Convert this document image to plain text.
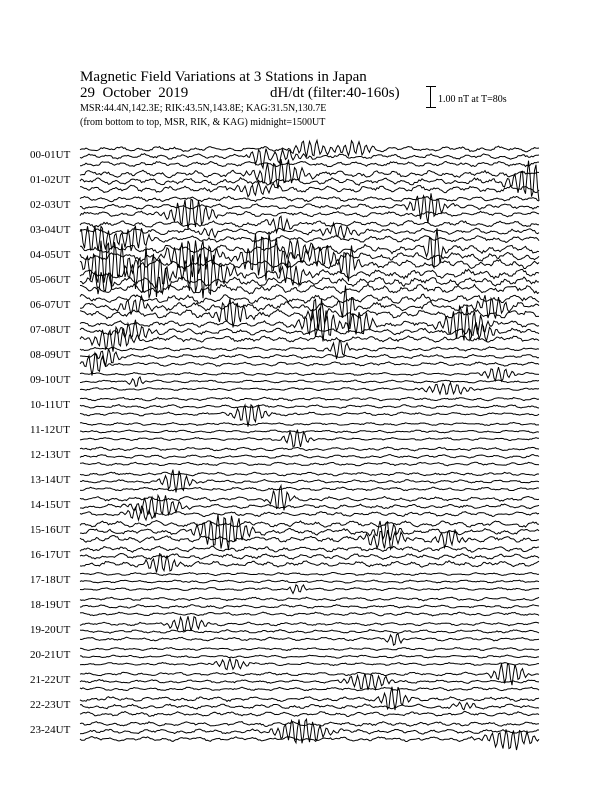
Magnetic Field Variations at 3 Stations in Japan
29  October  2019	dH/dt (filter:40-160s)
MSR:44.4N,142.3E; RIK:43.5N,143.8E; KAG:31.5N,130.7E
(from bottom to top, MSR, RIK, & KAG) midnight=1500UT
1.00 nT at T=80s
00-01UT
01-02UT
02-03UT
03-04UT
04-05UT
05-06UT
06-07UT
07-08UT
08-09UT
09-10UT
10-11UT
11-12UT
12-13UT
13-14UT
14-15UT
15-16UT
16-17UT
17-18UT
18-19UT
19-20UT
20-21UT
21-22UT
22-23UT
23-24UT
